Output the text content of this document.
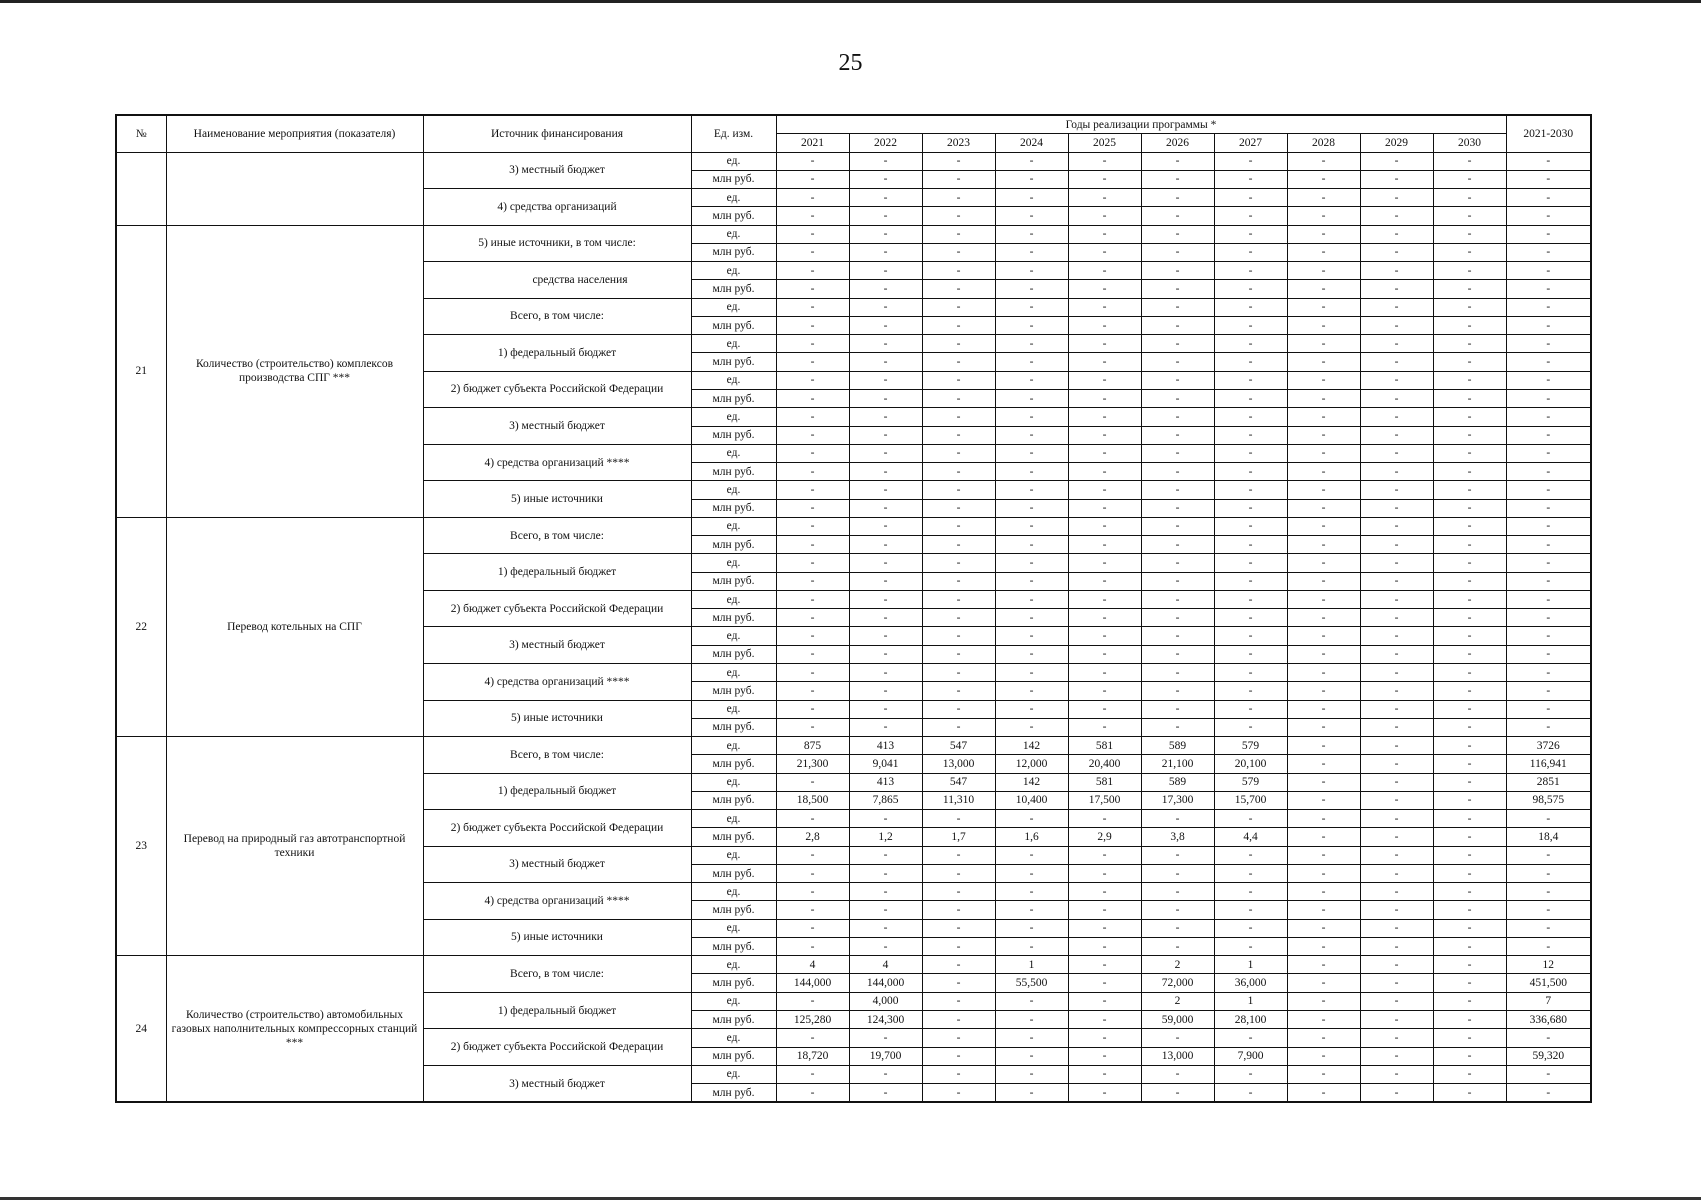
25
№	Наименование мероприятия (показателя)	Источник финансирования	Ед. изм.	Годы реализации программы *										2021-2030
				2021	2022	2023	2024	2025	2026	2027	2028	2029	2030	
		3) местный бюджет	ед.	-	-	-	-	-	-	-	-	-	-	-
			млн руб.	-	-	-	-	-	-	-	-	-	-	-
		4) средства организаций	ед.	-	-	-	-	-	-	-	-	-	-	-
			млн руб.	-	-	-	-	-	-	-	-	-	-	-
21	Количество (строительство) комплексов производства СПГ ***	5) иные источники, в том числе:	ед.	-	-	-	-	-	-	-	-	-	-	-
			млн руб.	-	-	-	-	-	-	-	-	-	-	-
		средства населения	ед.	-	-	-	-	-	-	-	-	-	-	-
			млн руб.	-	-	-	-	-	-	-	-	-	-	-
		Всего, в том числе:	ед.	-	-	-	-	-	-	-	-	-	-	-
			млн руб.	-	-	-	-	-	-	-	-	-	-	-
		1) федеральный бюджет	ед.	-	-	-	-	-	-	-	-	-	-	-
			млн руб.	-	-	-	-	-	-	-	-	-	-	-
		2) бюджет субъекта Российской Федерации	ед.	-	-	-	-	-	-	-	-	-	-	-
			млн руб.	-	-	-	-	-	-	-	-	-	-	-
		3) местный бюджет	ед.	-	-	-	-	-	-	-	-	-	-	-
			млн руб.	-	-	-	-	-	-	-	-	-	-	-
		4) средства организаций ****	ед.	-	-	-	-	-	-	-	-	-	-	-
			млн руб.	-	-	-	-	-	-	-	-	-	-	-
		5) иные источники	ед.	-	-	-	-	-	-	-	-	-	-	-
			млн руб.	-	-	-	-	-	-	-	-	-	-	-
22	Перевод котельных на СПГ	Всего, в том числе:	ед.	-	-	-	-	-	-	-	-	-	-	-
			млн руб.	-	-	-	-	-	-	-	-	-	-	-
		1) федеральный бюджет	ед.	-	-	-	-	-	-	-	-	-	-	-
			млн руб.	-	-	-	-	-	-	-	-	-	-	-
		2) бюджет субъекта Российской Федерации	ед.	-	-	-	-	-	-	-	-	-	-	-
			млн руб.	-	-	-	-	-	-	-	-	-	-	-
		3) местный бюджет	ед.	-	-	-	-	-	-	-	-	-	-	-
			млн руб.	-	-	-	-	-	-	-	-	-	-	-
		4) средства организаций ****	ед.	-	-	-	-	-	-	-	-	-	-	-
			млн руб.	-	-	-	-	-	-	-	-	-	-	-
		5) иные источники	ед.	-	-	-	-	-	-	-	-	-	-	-
			млн руб.	-	-	-	-	-	-	-	-	-	-	-
23	Перевод на природный газ автотранспортной техники	Всего, в том числе:	ед.	875	413	547	142	581	589	579	-	-	-	3726
			млн руб.	21,300	9,041	13,000	12,000	20,400	21,100	20,100	-	-	-	116,941
		1) федеральный бюджет	ед.	-	413	547	142	581	589	579	-	-	-	2851
			млн руб.	18,500	7,865	11,310	10,400	17,500	17,300	15,700	-	-	-	98,575
		2) бюджет субъекта Российской Федерации	ед.	-	-	-	-	-	-	-	-	-	-	-
			млн руб.	2,8	1,2	1,7	1,6	2,9	3,8	4,4	-	-	-	18,4
		3) местный бюджет	ед.	-	-	-	-	-	-	-	-	-	-	-
			млн руб.	-	-	-	-	-	-	-	-	-	-	-
		4) средства организаций ****	ед.	-	-	-	-	-	-	-	-	-	-	-
			млн руб.	-	-	-	-	-	-	-	-	-	-	-
		5) иные источники	ед.	-	-	-	-	-	-	-	-	-	-	-
			млн руб.	-	-	-	-	-	-	-	-	-	-	-
24	Количество (строительство) автомобильных газовых наполнительных компрессорных станций ***	Всего, в том числе:	ед.	4	4	-	1	-	2	1	-	-	-	12
			млн руб.	144,000	144,000	-	55,500	-	72,000	36,000	-	-	-	451,500
		1) федеральный бюджет	ед.	-	4,000	-	-	-	2	1	-	-	-	7
			млн руб.	125,280	124,300	-	-	-	59,000	28,100	-	-	-	336,680
		2) бюджет субъекта Российской Федерации	ед.	-	-	-	-	-	-	-	-	-	-	-
			млн руб.	18,720	19,700	-	-	-	13,000	7,900	-	-	-	59,320
		3) местный бюджет	ед.	-	-	-	-	-	-	-	-	-	-	-
			млн руб.	-	-	-	-	-	-	-	-	-	-	-
